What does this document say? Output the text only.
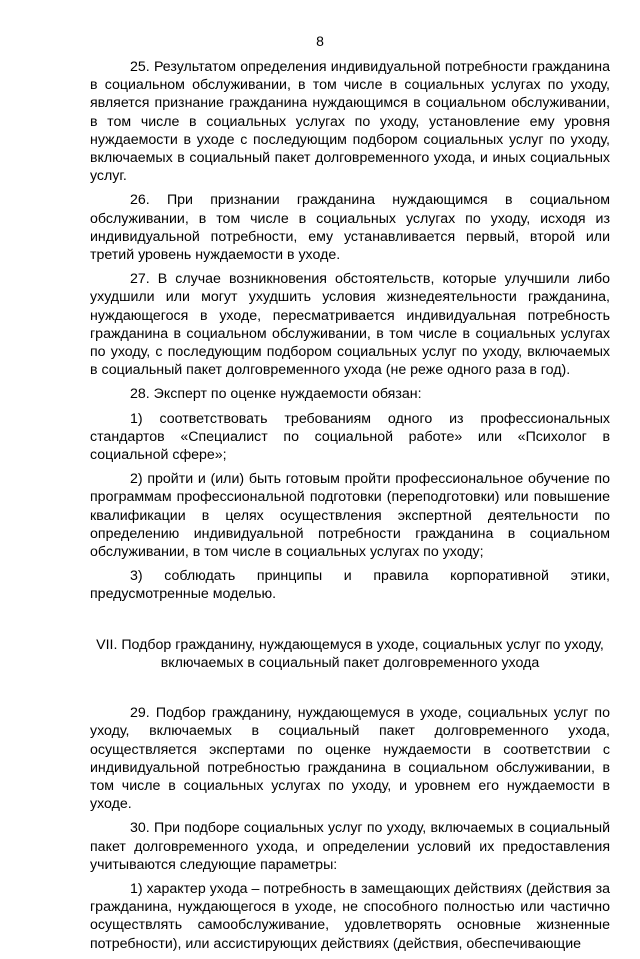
8

25. Результатом определения индивидуальной потребности гражданина в социальном обслуживании, в том числе в социальных услугах по уходу, является признание гражданина нуждающимся в социальном обслуживании, в том числе в социальных услугах по уходу, установление ему уровня нуждаемости в уходе с последующим подбором социальных услуг по уходу, включаемых в социальный пакет долговременного ухода, и иных социальных услуг.

26. При признании гражданина нуждающимся в социальном обслуживании, в том числе в социальных услугах по уходу, исходя из индивидуальной потребности, ему устанавливается первый, второй или третий уровень нуждаемости в уходе.

27. В случае возникновения обстоятельств, которые улучшили либо ухудшили или могут ухудшить условия жизнедеятельности гражданина, нуждающегося в уходе, пересматривается индивидуальная потребность гражданина в социальном обслуживании, в том числе в социальных услугах по уходу, с последующим подбором социальных услуг по уходу, включаемых в социальный пакет долговременного ухода (не реже одного раза в год).

28. Эксперт по оценке нуждаемости обязан:

1) соответствовать требованиям одного из профессиональных стандартов «Специалист по социальной работе» или «Психолог в социальной сфере»;

2) пройти и (или) быть готовым пройти профессиональное обучение по программам профессиональной подготовки (переподготовки) или повышение квалификации в целях осуществления экспертной деятельности по определению индивидуальной потребности гражданина в социальном обслуживании, в том числе в социальных услугах по уходу;

3) соблюдать принципы и правила корпоративной этики, предусмотренные моделью.

VII. Подбор гражданину, нуждающемуся в уходе, социальных услуг по уходу,
включаемых в социальный пакет долговременного ухода

29. Подбор гражданину, нуждающемуся в уходе, социальных услуг по уходу, включаемых в социальный пакет долговременного ухода, осуществляется экспертами по оценке нуждаемости в соответствии с индивидуальной потребностью гражданина в социальном обслуживании, в том числе в социальных услугах по уходу, и уровнем его нуждаемости в уходе.

30. При подборе социальных услуг по уходу, включаемых в социальный пакет долговременного ухода, и определении условий их предоставления учитываются следующие параметры:

1) характер ухода – потребность в замещающих действиях (действия за гражданина, нуждающегося в уходе, не способного полностью или частично осуществлять самообслуживание, удовлетворять основные жизненные потребности), или ассистирующих действиях (действия, обеспечивающие
